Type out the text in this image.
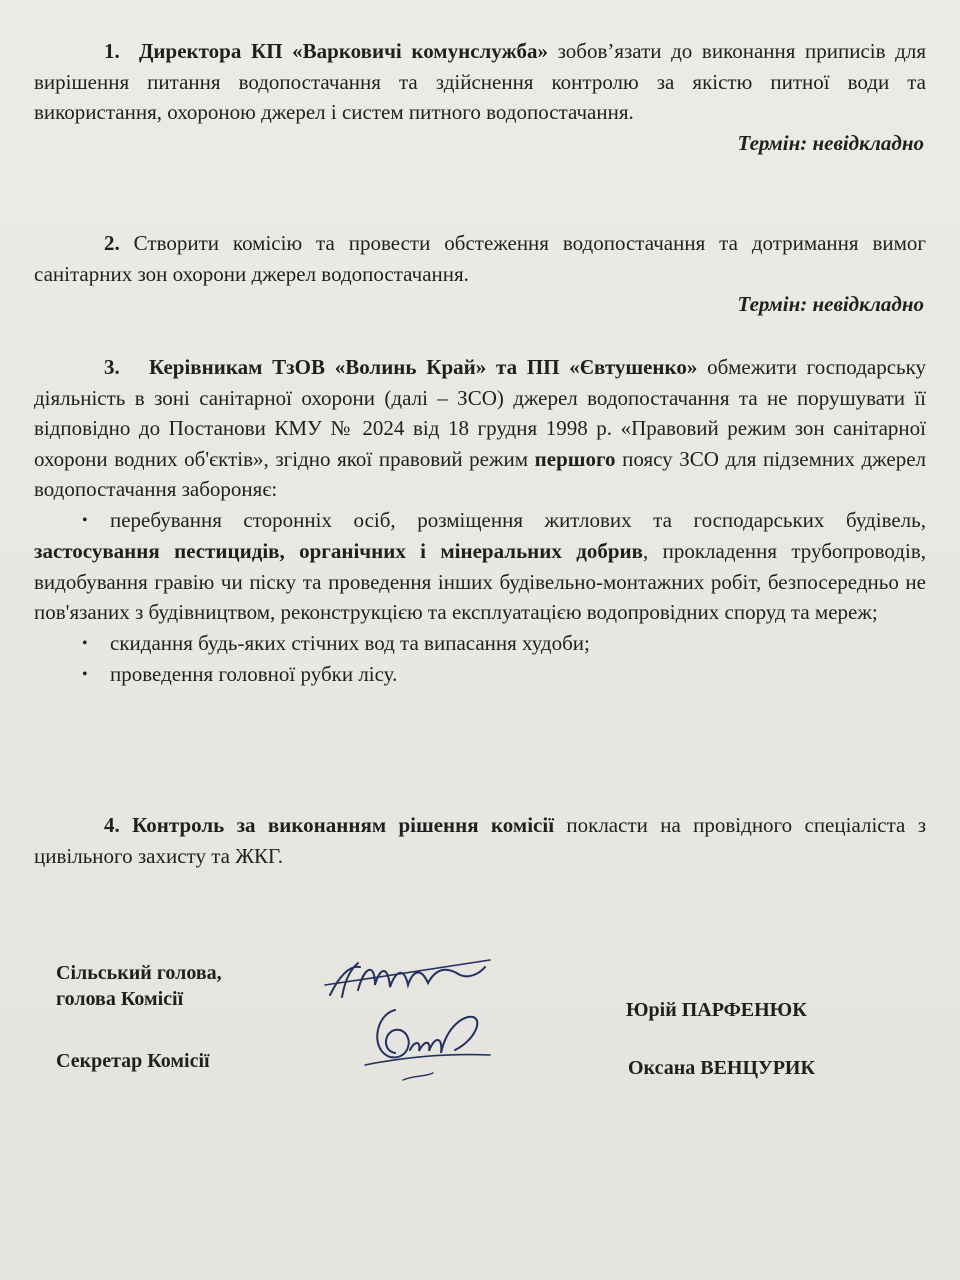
1. Директора КП «Варковичі комунслужба» зобов’язати до виконання приписів для вирішення питання водопостачання та здійснення контролю за якістю питної води та використання, охороною джерел і систем питного водопостачання.
Термін: невідкладно
2. Створити комісію та провести обстеження водопостачання та дотримання вимог санітарних зон охорони джерел водопостачання.
Термін: невідкладно
3. Керівникам ТзОВ «Волинь Край» та ПП «Євтушенко» обмежити господарську діяльність в зоні санітарної охорони (далі – ЗСО) джерел водопостачання та не порушувати її відповідно до Постанови КМУ № 2024 від 18 грудня 1998 р. «Правовий режим зон санітарної охорони водних об'єктів», згідно якої правовий режим першого поясу ЗСО для підземних джерел водопостачання забороняє:
• перебування сторонніх осіб, розміщення житлових та господарських будівель, застосування пестицидів, органічних і мінеральних добрив, прокладення трубопроводів, видобування гравію чи піску та проведення інших будівельно-монтажних робіт, безпосередньо не пов'язаних з будівництвом, реконструкцією та експлуатацією водопровідних споруд та мереж;
• скидання будь-яких стічних вод та випасання худоби;
• проведення головної рубки лісу.
4. Контроль за виконанням рішення комісії покласти на провідного спеціаліста з цивільного захисту та ЖКГ.
Сільський голова,
голова Комісії
Секретар Комісії
Юрій ПАРФЕНЮК
Оксана ВЕНЦУРИК
